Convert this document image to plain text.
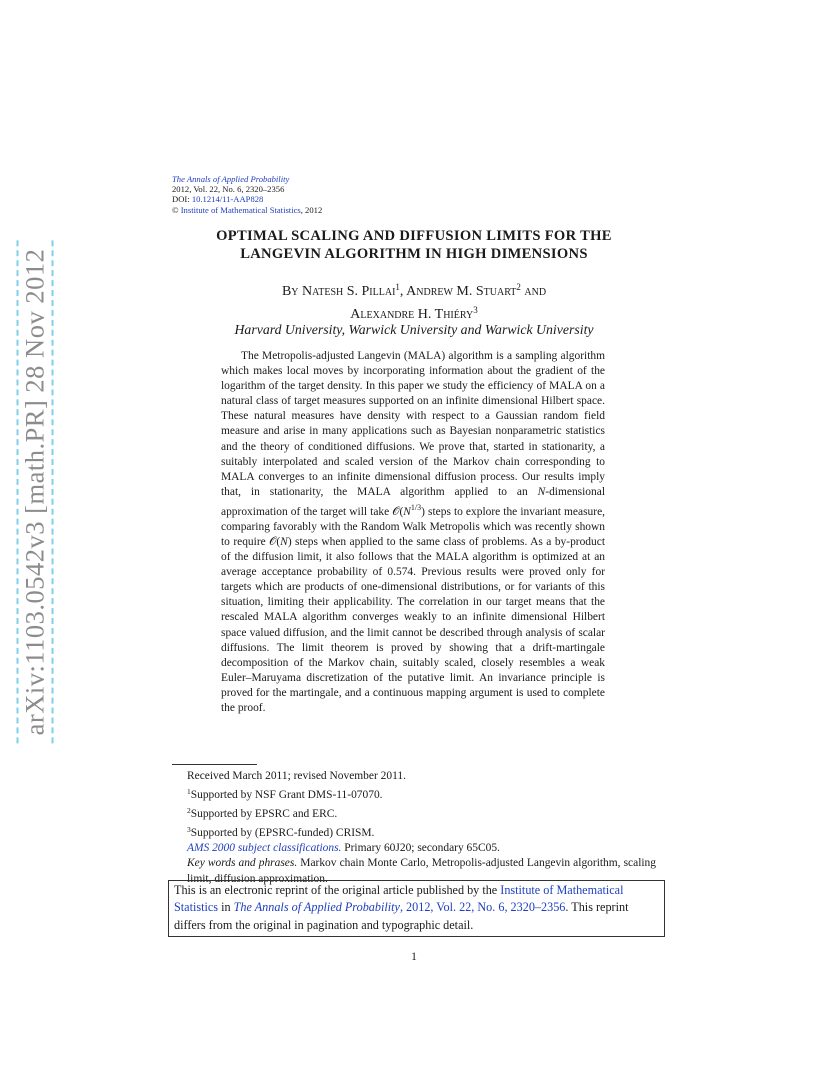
The Annals of Applied Probability
2012, Vol. 22, No. 6, 2320–2356
DOI: 10.1214/11-AAP828
© Institute of Mathematical Statistics, 2012
arXiv:1103.0542v3 [math.PR] 28 Nov 2012
OPTIMAL SCALING AND DIFFUSION LIMITS FOR THE
LANGEVIN ALGORITHM IN HIGH DIMENSIONS
By Natesh S. Pillai$^1$, Andrew M. Stuart$^2$ and
Alexandre H. Thiéry$^3$
Harvard University, Warwick University and Warwick University
The Metropolis-adjusted Langevin (MALA) algorithm is a sampling algorithm which makes local moves by incorporating information about the gradient of the logarithm of the target density. In this paper we study the efficiency of MALA on a natural class of target measures supported on an infinite dimensional Hilbert space. These natural measures have density with respect to a Gaussian random field measure and arise in many applications such as Bayesian nonparametric statistics and the theory of conditioned diffusions. We prove that, started in stationarity, a suitably interpolated and scaled version of the Markov chain corresponding to MALA converges to an infinite dimensional diffusion process. Our results imply that, in stationarity, the MALA algorithm applied to an N-dimensional approximation of the target will take $𝒪(N^{1/3})$ steps to explore the invariant measure, comparing favorably with the Random Walk Metropolis which was recently shown to require 𝒪(N) steps when applied to the same class of problems. As a by-product of the diffusion limit, it also follows that the MALA algorithm is optimized at an average acceptance probability of 0.574. Previous results were proved only for targets which are products of one-dimensional distributions, or for variants of this situation, limiting their applicability. The correlation in our target means that the rescaled MALA algorithm converges weakly to an infinite dimensional Hilbert space valued diffusion, and the limit cannot be described through analysis of scalar diffusions. The limit theorem is proved by showing that a drift-martingale decomposition of the Markov chain, suitably scaled, closely resembles a weak Euler–Maruyama discretization of the putative limit. An invariance principle is proved for the martingale, and a continuous mapping argument is used to complete the proof.
Received March 2011; revised November 2011.
$^1$Supported by NSF Grant DMS-11-07070.
$^2$Supported by EPSRC and ERC.
$^3$Supported by (EPSRC-funded) CRISM.
AMS 2000 subject classifications. Primary 60J20; secondary 65C05.
Key words and phrases. Markov chain Monte Carlo, Metropolis-adjusted Langevin algorithm, scaling limit, diffusion approximation.
This is an electronic reprint of the original article published by the Institute of Mathematical Statistics in The Annals of Applied Probability, 2012, Vol. 22, No. 6, 2320–2356. This reprint differs from the original in pagination and typographic detail.
1
